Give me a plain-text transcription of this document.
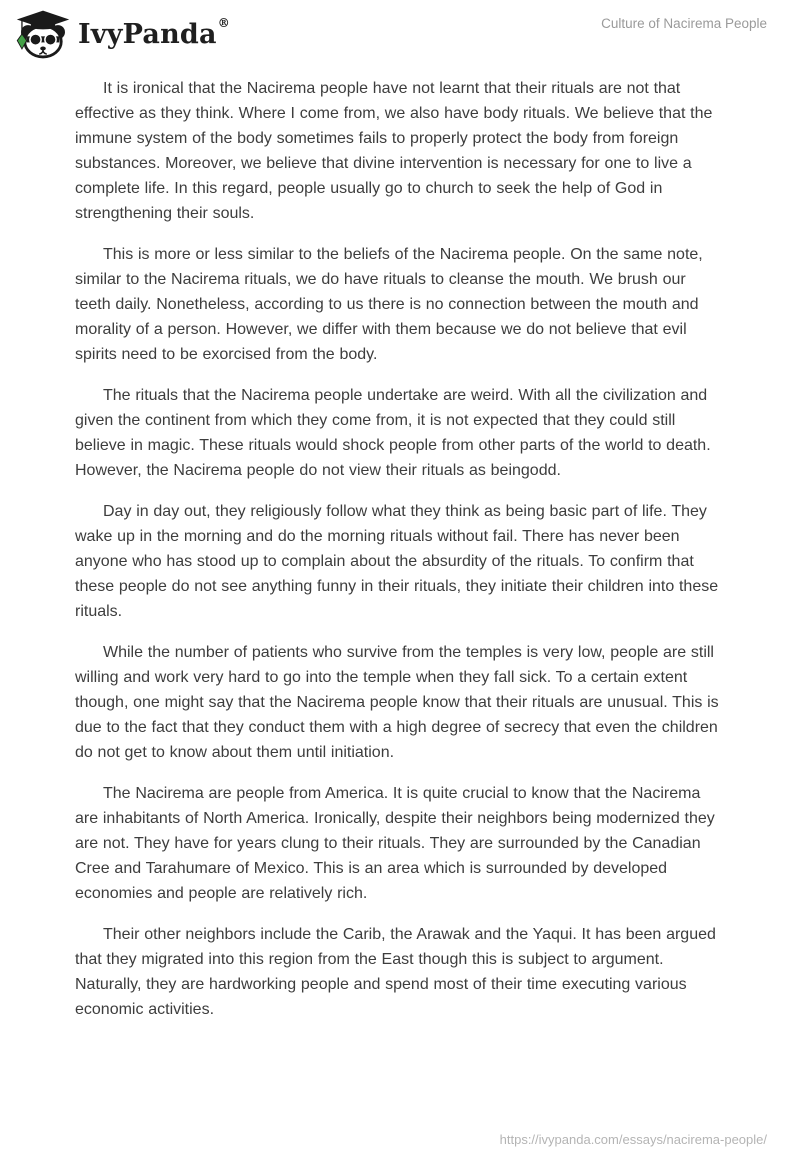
IvyPanda®	Culture of Nacirema People

It is ironical that the Nacirema people have not learnt that their rituals are not that effective as they think. Where I come from, we also have body rituals. We believe that the immune system of the body sometimes fails to properly protect the body from foreign substances. Moreover, we believe that divine intervention is necessary for one to live a complete life. In this regard, people usually go to church to seek the help of God in strengthening their souls.

This is more or less similar to the beliefs of the Nacirema people. On the same note, similar to the Nacirema rituals, we do have rituals to cleanse the mouth. We brush our teeth daily. Nonetheless, according to us there is no connection between the mouth and morality of a person. However, we differ with them because we do not believe that evil spirits need to be exorcised from the body.

The rituals that the Nacirema people undertake are weird. With all the civilization and given the continent from which they come from, it is not expected that they could still believe in magic. These rituals would shock people from other parts of the world to death. However, the Nacirema people do not view their rituals as beingodd.

Day in day out, they religiously follow what they think as being basic part of life. They wake up in the morning and do the morning rituals without fail. There has never been anyone who has stood up to complain about the absurdity of the rituals. To confirm that these people do not see anything funny in their rituals, they initiate their children into these rituals.

While the number of patients who survive from the temples is very low, people are still willing and work very hard to go into the temple when they fall sick. To a certain extent though, one might say that the Nacirema people know that their rituals are unusual. This is due to the fact that they conduct them with a high degree of secrecy that even the children do not get to know about them until initiation.

The Nacirema are people from America. It is quite crucial to know that the Nacirema are inhabitants of North America. Ironically, despite their neighbors being modernized they are not. They have for years clung to their rituals. They are surrounded by the Canadian Cree and Tarahumare of Mexico. This is an area which is surrounded by developed economies and people are relatively rich.

Their other neighbors include the Carib, the Arawak and the Yaqui. It has been argued that they migrated into this region from the East though this is subject to argument. Naturally, they are hardworking people and spend most of their time executing various economic activities.

https://ivypanda.com/essays/nacirema-people/
